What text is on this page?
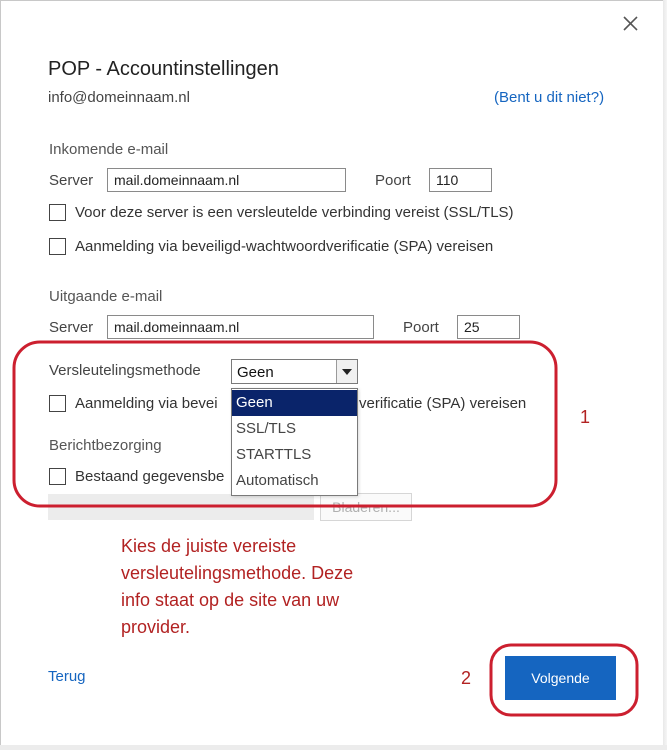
POP - Accountinstellingen
info@domeinnaam.nl	(Bent u dit niet?)
Inkomende e-mail
Server	mail.domeinnaam.nl	Poort	110
Voor deze server is een versleutelde verbinding vereist (SSL/TLS)
Aanmelding via beveiligd-wachtwoordverificatie (SPA) vereisen
Uitgaande e-mail
Server	mail.domeinnaam.nl	Poort	25
Versleutelingsmethode Geen
Aanmelding via bevei	verificatie (SPA) vereisen
Berichtbezorging
Bestaand gegevensbe
Bladeren...
Geen
SSL/TLS
STARTTLS
Automatisch
1
2
Kies de juiste vereiste versleutelingsmethode. Deze info staat op de site van uw provider.
Terug	Volgende
